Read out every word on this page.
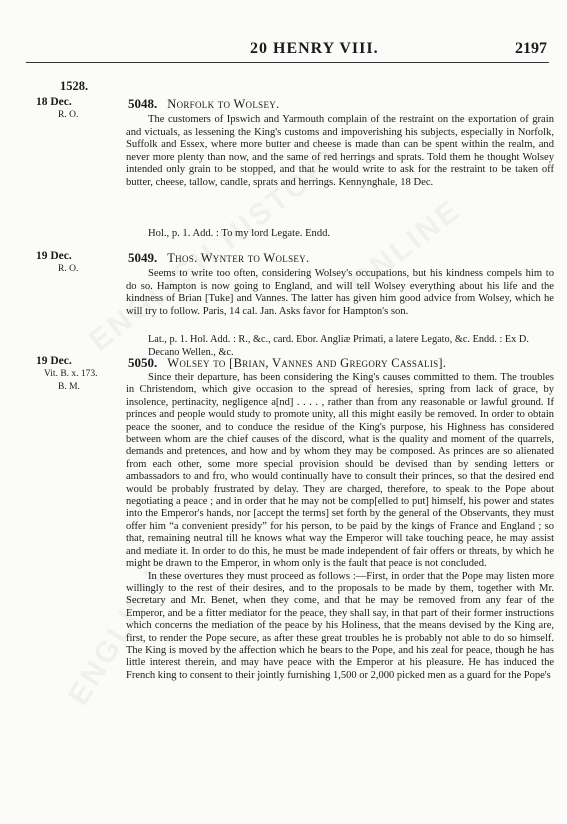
20 HENRY VIII.	2197
1528.
18 Dec.
R. O.
5048. Norfolk to Wolsey.

The customers of Ipswich and Yarmouth complain of the restraint on the exportation of grain and victuals, as lessening the King's customs and impoverishing his subjects, especially in Norfolk, Suffolk and Essex, where more butter and cheese is made than can be spent within the realm, and never more plenty than now, and the same of red herrings and sprats. Told them he thought Wolsey intended only grain to be stopped, and that he would write to ask for the restraint to be taken off butter, cheese, tallow, candle, sprats and herrings. Kennynghale, 18 Dec.

Hol., p. 1. Add. : To my lord Legate. Endd.
19 Dec.
R. O.
5049. Thos. Wynter to Wolsey.

Seems to write too often, considering Wolsey's occupations, but his kindness compels him to do so. Hampton is now going to England, and will tell Wolsey everything about his life and the kindness of Brian [Tuke] and Vannes. The latter has given him good advice from Wolsey, which he will try to follow. Paris, 14 cal. Jan. Asks favor for Hampton's son.

Lat., p. 1. Hol. Add. : R., &c., card. Ebor. Angliæ Primati, a latere Legato, &c. Endd. : Ex D. Decano Wellen., &c.
19 Dec.
Vit. B. x. 173.
B. M.
5050. Wolsey to [Brian, Vannes and Gregory Cassalis].

Since their departure, has been considering the King's causes committed to them. The troubles in Christendom, which give occasion to the spread of heresies, spring from lack of grace, by insolence, pertinacity, negligence a[nd] . . . . , rather than from any reasonable or lawful ground. If princes and people would study to promote unity, all this might easily be removed. In order to obtain peace the sooner, and to conduce the residue of the King's purpose, his Highness has considered between whom are the chief causes of the discord, what is the quality and moment of the quarrels, demands and pretences, and how and by whom they may be composed. As princes are so alienated from each other, some more special provision should be devised than by sending letters or ambassadors to and fro, who would continually have to consult their princes, so that the desired end would be probably frustrated by delay. They are charged, therefore, to speak to the Pope about negotiating a peace ; and in order that he may not be comp[elled to put] himself, his power and states into the Emperor's hands, nor [accept the terms] set forth by the general of the Observants, they must offer him “a convenient presidy” for his person, to be paid by the kings of France and England ; so that, remaining neutral till he knows what way the Emperor will take touching peace, he may assist and mediate it. In order to do this, he must be made independent of fair offers or threats, by which he might be drawn to the Emperor, in whom only is the fault that peace is not concluded.

In these overtures they must proceed as follows :—First, in order that the Pope may listen more willingly to the rest of their desires, and to the proposals to be made by them, together with Mr. Secretary and Mr. Benet, when they come, and that he may be removed from any fear of the Emperor, and be a fitter mediator for the peace, they shall say, in that part of their former instructions which concerns the mediation of the peace by his Holiness, that the means devised by the King are, first, to render the Pope secure, as after these great troubles he is probably not able to do so himself. The King is moved by the affection which he bears to the Pope, and his zeal for peace, though he has little interest therein, and may have peace with the Emperor at his pleasure. He has induced the French king to consent to their jointly furnishing 1,500 or 2,000 picked men as a guard for the Pope's
